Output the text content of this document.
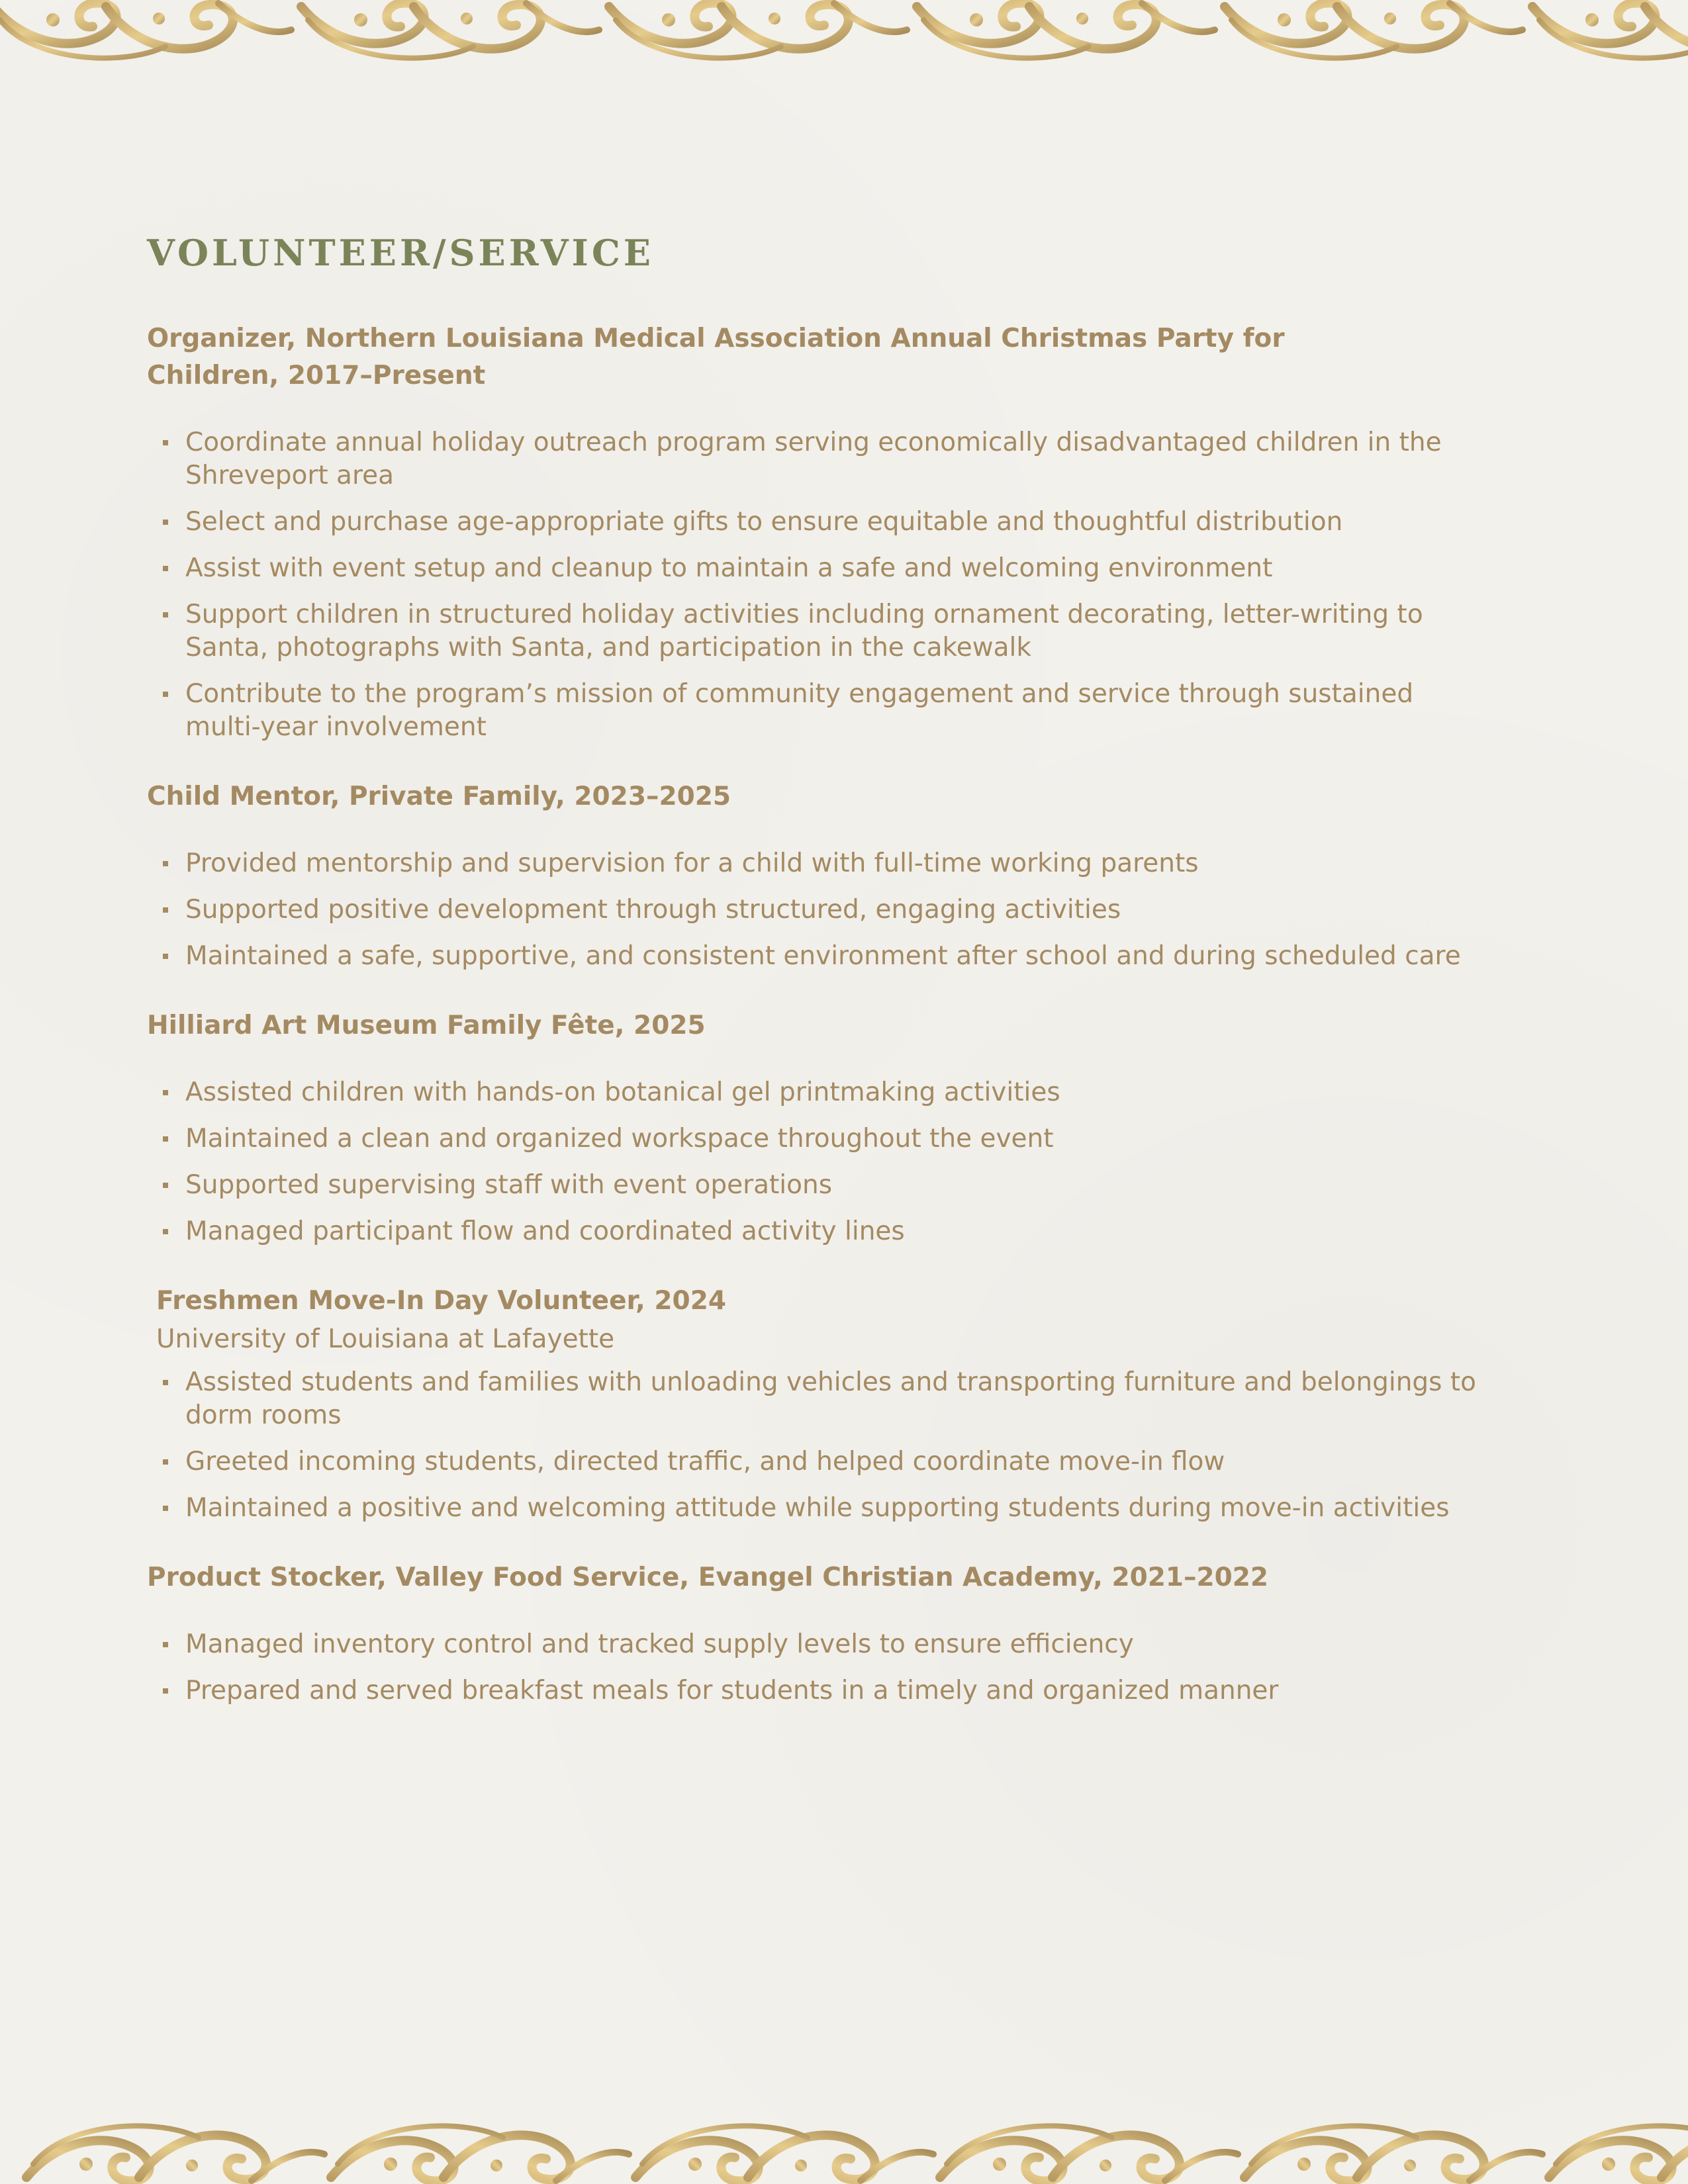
VOLUNTEER/SERVICE
Organizer, Northern Louisiana Medical Association Annual Christmas Party for Children, 2017–Present
Coordinate annual holiday outreach program serving economically disadvantaged children in the Shreveport area
Select and purchase age-appropriate gifts to ensure equitable and thoughtful distribution
Assist with event setup and cleanup to maintain a safe and welcoming environment
Support children in structured holiday activities including ornament decorating, letter-writing to Santa, photographs with Santa, and participation in the cakewalk
Contribute to the program’s mission of community engagement and service through sustained multi-year involvement
Child Mentor, Private Family, 2023–2025
Provided mentorship and supervision for a child with full-time working parents
Supported positive development through structured, engaging activities
Maintained a safe, supportive, and consistent environment after school and during scheduled care
Hilliard Art Museum Family Fête, 2025
Assisted children with hands-on botanical gel printmaking activities
Maintained a clean and organized workspace throughout the event
Supported supervising staff with event operations
Managed participant flow and coordinated activity lines
Freshmen Move-In Day Volunteer, 2024
University of Louisiana at Lafayette
Assisted students and families with unloading vehicles and transporting furniture and belongings to dorm rooms
Greeted incoming students, directed traffic, and helped coordinate move-in flow
Maintained a positive and welcoming attitude while supporting students during move-in activities
Product Stocker, Valley Food Service, Evangel Christian Academy, 2021–2022
Managed inventory control and tracked supply levels to ensure efficiency
Prepared and served breakfast meals for students in a timely and organized manner
